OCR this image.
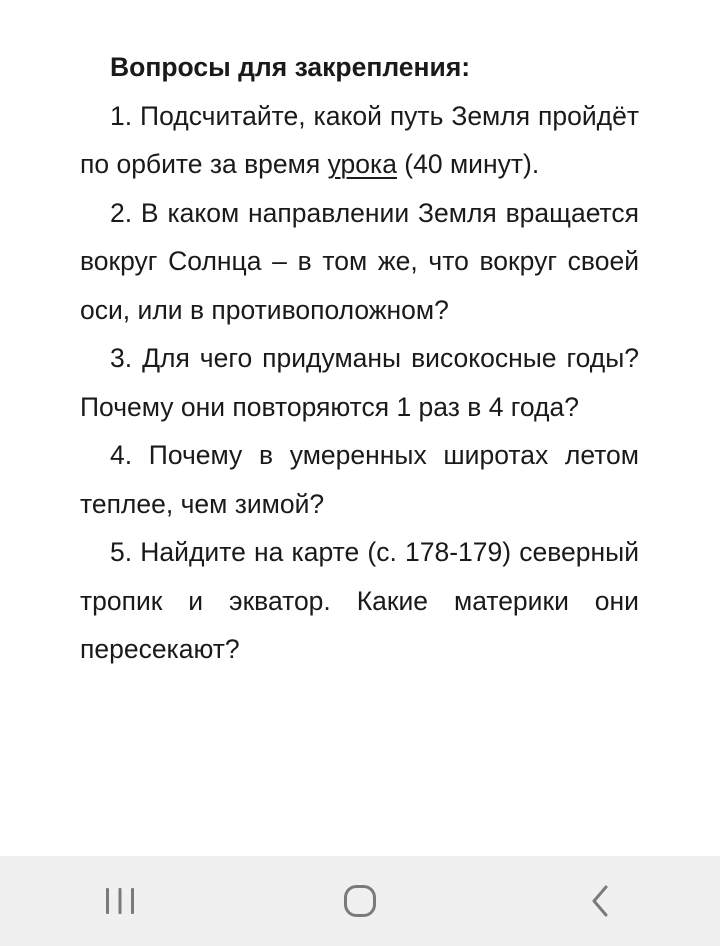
Вопросы для закрепления:

1. Подсчитайте, какой путь Земля пройдёт по орбите за время урока (40 минут).

2. В каком направлении Земля вращается вокруг Солнца – в том же, что вокруг своей оси, или в противоположном?

3. Для чего придуманы високосные годы? Почему они повторяются 1 раз в 4 года?

4. Почему в умеренных широтах летом теплее, чем зимой?

5. Найдите на карте (с. 178-179) северный тропик и экватор. Какие материки они пересекают?
